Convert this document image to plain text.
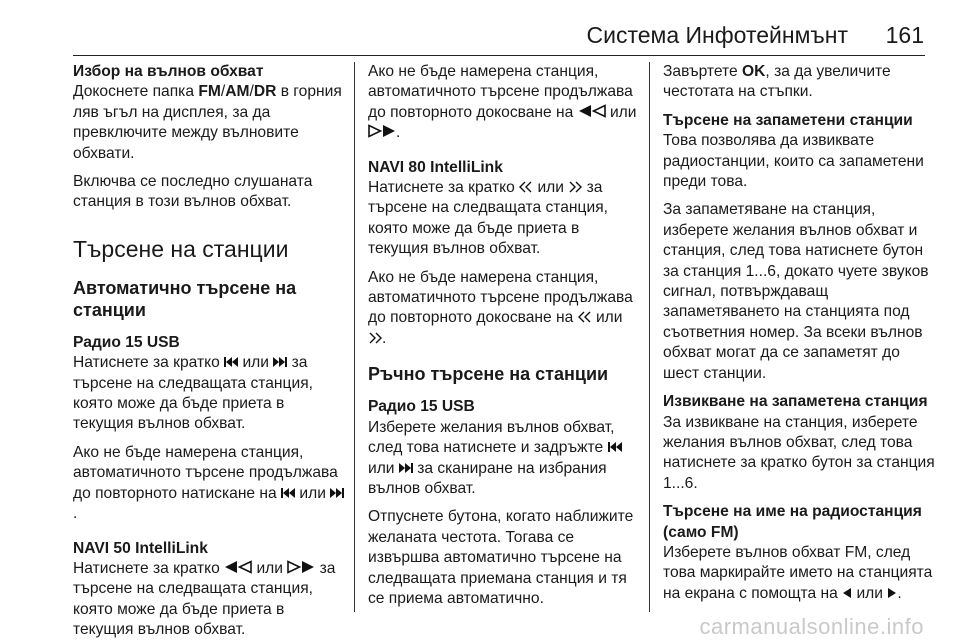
Система Инфотейнмънт 161

Избор на вълнов обхват

Докоснете папка FM/AM/DR в горния ляв ъгъл на дисплея, за да превключите между вълновите обхвати.

Включва се последно слушаната станция в този вълнов обхват.

Търсене на станции
Автоматично търсене на станции
Радио 15 USB

Натиснете за кратко  или  за търсене на следващата станция, която може да бъде приета в текущия вълнов обхват.

Ако не бъде намерена станция, автоматичното търсене продължава до повторното натискане на  или .

NAVI 50 IntelliLink

Натиснете за кратко  или  за търсене на следващата станция, която може да бъде приета в текущия вълнов обхват.

Ако не бъде намерена станция, автоматичното търсене продължава до повторното докосване на  или .

NAVI 80 IntelliLink

Натиснете за кратко  или  за търсене на следващата станция, която може да бъде приета в текущия вълнов обхват.

Ако не бъде намерена станция, автоматичното търсене продължава до повторното докосване на  или .

Ръчно търсене на станции
Радио 15 USB

Изберете желания вълнов обхват, след това натиснете и задръжте  или  за сканиране на избрания вълнов обхват.

Отпуснете бутона, когато наближите желаната честота. Тогава се извършва автоматично търсене на следващата приемана станция и тя се приема автоматично.

Завъртете OK, за да увеличите честотата на стъпки.

Търсене на запаметени станции

Това позволява да извиквате радиостанции, които са запаметени преди това.

За запаметяване на станция, изберете желания вълнов обхват и станция, след това натиснете бутон за станция 1...6, докато чуете звуков сигнал, потвърждаващ запаметяването на станцията под съответния номер. За всеки вълнов обхват могат да се запаметят до шест станции.

Извикване на запаметена станция

За извикване на станция, изберете желания вълнов обхват, след това натиснете за кратко бутон за станция 1...6.

Търсене на име на радиостанция (само FM)

Изберете вълнов обхват FM, след това маркирайте името на станцията на екрана с помощта на  или .

carmanualsonline.info
